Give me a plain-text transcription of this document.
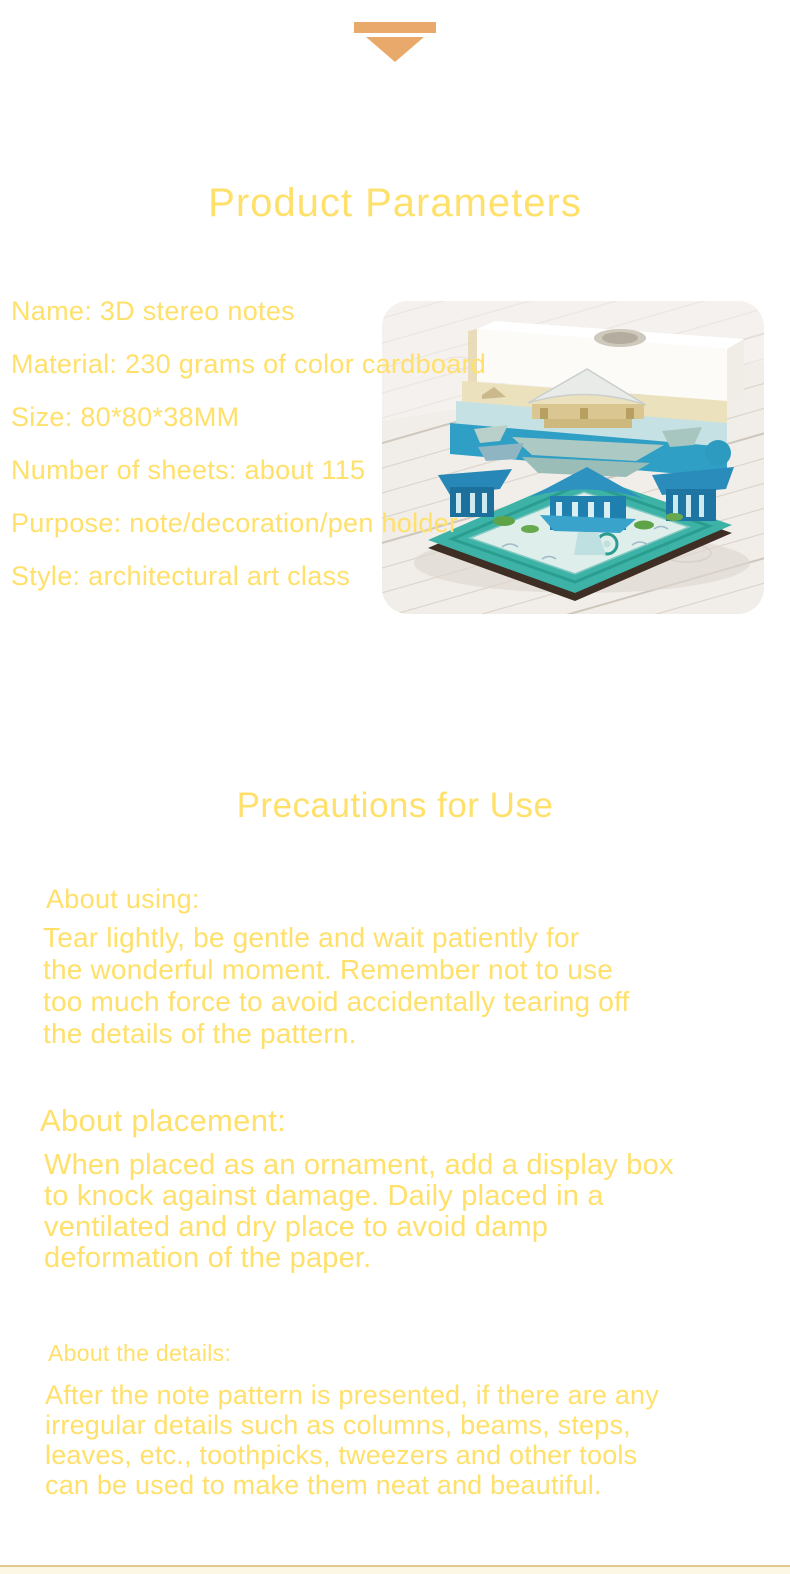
Product Parameters
Name: 3D stereo notes
Material: 230 grams of color cardboard
Size: 80*80*38MM
Number of sheets: about 115
Purpose: note/decoration/pen holder
Style: architectural art class
Precautions for Use

About using:

Tear lightly, be gentle and wait patiently for
the wonderful moment. Remember not to use
too much force to avoid accidentally tearing off
the details of the pattern.

About placement:

When placed as an ornament, add a display box
to knock against damage. Daily placed in a
ventilated and dry place to avoid damp
deformation of the paper.

About the details:

After the note pattern is presented, if there are any
irregular details such as columns, beams, steps,
leaves, etc., toothpicks, tweezers and other tools
can be used to make them neat and beautiful.
